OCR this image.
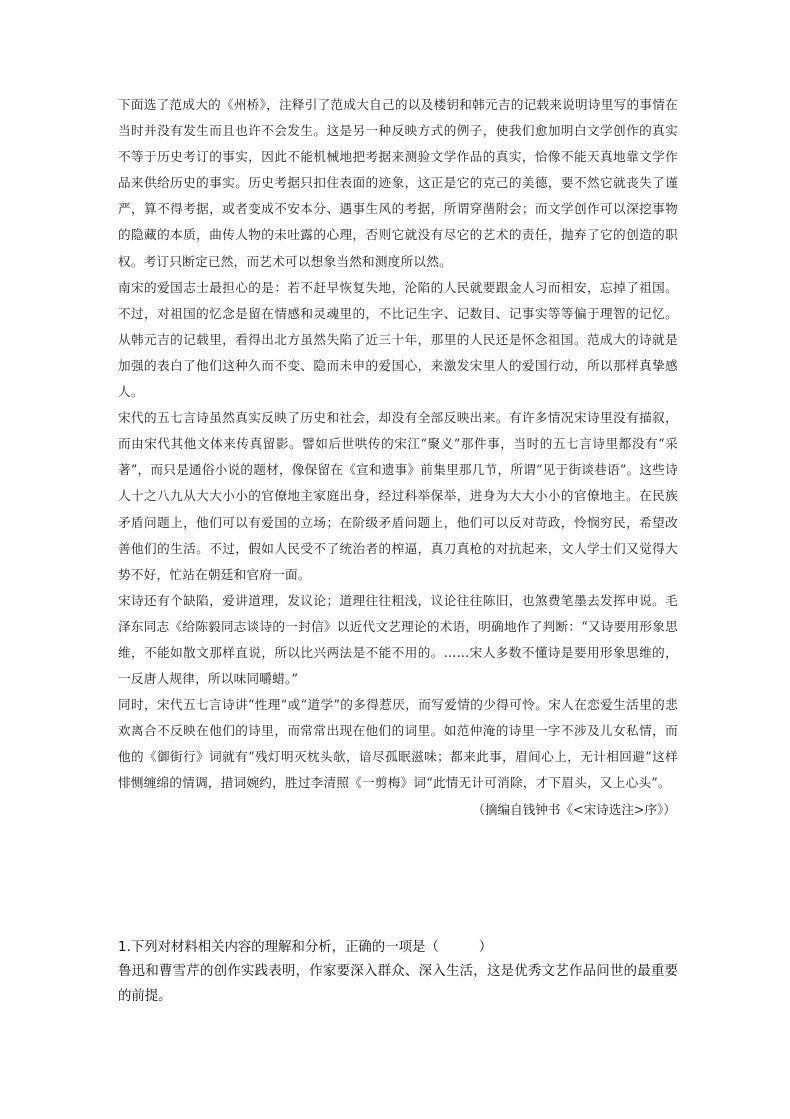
下面选了范成大的《州桥》，注释引了范成大自己的以及楼钥和韩元吉的记载来说明诗里写的事情在当时并没有发生而且也许不会发生。这是另一种反映方式的例子，使我们愈加明白文学创作的真实不等于历史考订的事实，因此不能机械地把考据来测验文学作品的真实，恰像不能天真地靠文学作品来供给历史的事实。历史考据只扣住表面的迹象，这正是它的克己的美德，要不然它就丧失了谨严，算不得考据，或者变成不安本分、遇事生风的考据，所谓穿凿附会；而文学创作可以深挖事物的隐藏的本质，曲传人物的未吐露的心理，否则它就没有尽它的艺术的责任，抛弃了它的创造的职权。考订只断定已然，而艺术可以想象当然和测度所以然。

南宋的爱国志士最担心的是：若不赶早恢复失地，沦陷的人民就要跟金人习而相安，忘掉了祖国。不过，对祖国的忆念是留在情感和灵魂里的，不比记生字、记数目、记事实等等偏于理智的记忆。从韩元吉的记载里，看得出北方虽然失陷了近三十年，那里的人民还是怀念祖国。范成大的诗就是加强的表白了他们这种久而不变、隐而未申的爱国心，来激发宋里人的爱国行动，所以那样真挚感人。

宋代的五七言诗虽然真实反映了历史和社会，却没有全部反映出来。有许多情况宋诗里没有描叙，而由宋代其他文体来传真留影。譬如后世哄传的宋江“聚义”那件事，当时的五七言诗里都没有“采著”，而只是通俗小说的题材，像保留在《宣和遗事》前集里那几节，所谓“见于街谈巷语”。这些诗人十之八九从大大小小的官僚地主家庭出身，经过科举保举，进身为大大小小的官僚地主。在民族矛盾问题上，他们可以有爱国的立场；在阶级矛盾问题上，他们可以反对苛政，怜悯穷民，希望改善他们的生活。不过，假如人民受不了统治者的榨逼，真刀真枪的对抗起来，文人学士们又觉得大势不好，忙站在朝廷和官府一面。

宋诗还有个缺陷，爱讲道理，发议论；道理往往粗浅，议论往往陈旧，也煞费笔墨去发挥申说。毛泽东同志《给陈毅同志谈诗的一封信》以近代文艺理论的术语，明确地作了判断：“又诗要用形象思维，不能如散文那样直说，所以比兴两法是不能不用的。……宋人多数不懂诗是要用形象思维的，一反唐人规律，所以味同嚼蜡。”

同时，宋代五七言诗讲“性理”或“道学”的多得惹厌，而写爱情的少得可怜。宋人在恋爱生活里的悲欢离合不反映在他们的诗里，而常常出现在他们的词里。如范仲淹的诗里一字不涉及儿女私情，而他的《御街行》词就有“残灯明灭枕头欹，谙尽孤眠滋味；都来此事，眉间心上，无计相回避”这样悱恻缠绵的情调，措词婉约，胜过李清照《一剪梅》词“此情无计可消除，才下眉头，又上心头”。

（摘编自钱钟书《<宋诗选注>序》）

1.下列对材料相关内容的理解和分析，正确的一项是（　　　）

鲁迅和曹雪芹的创作实践表明，作家要深入群众、深入生活，这是优秀文艺作品问世的最重要的前提。
